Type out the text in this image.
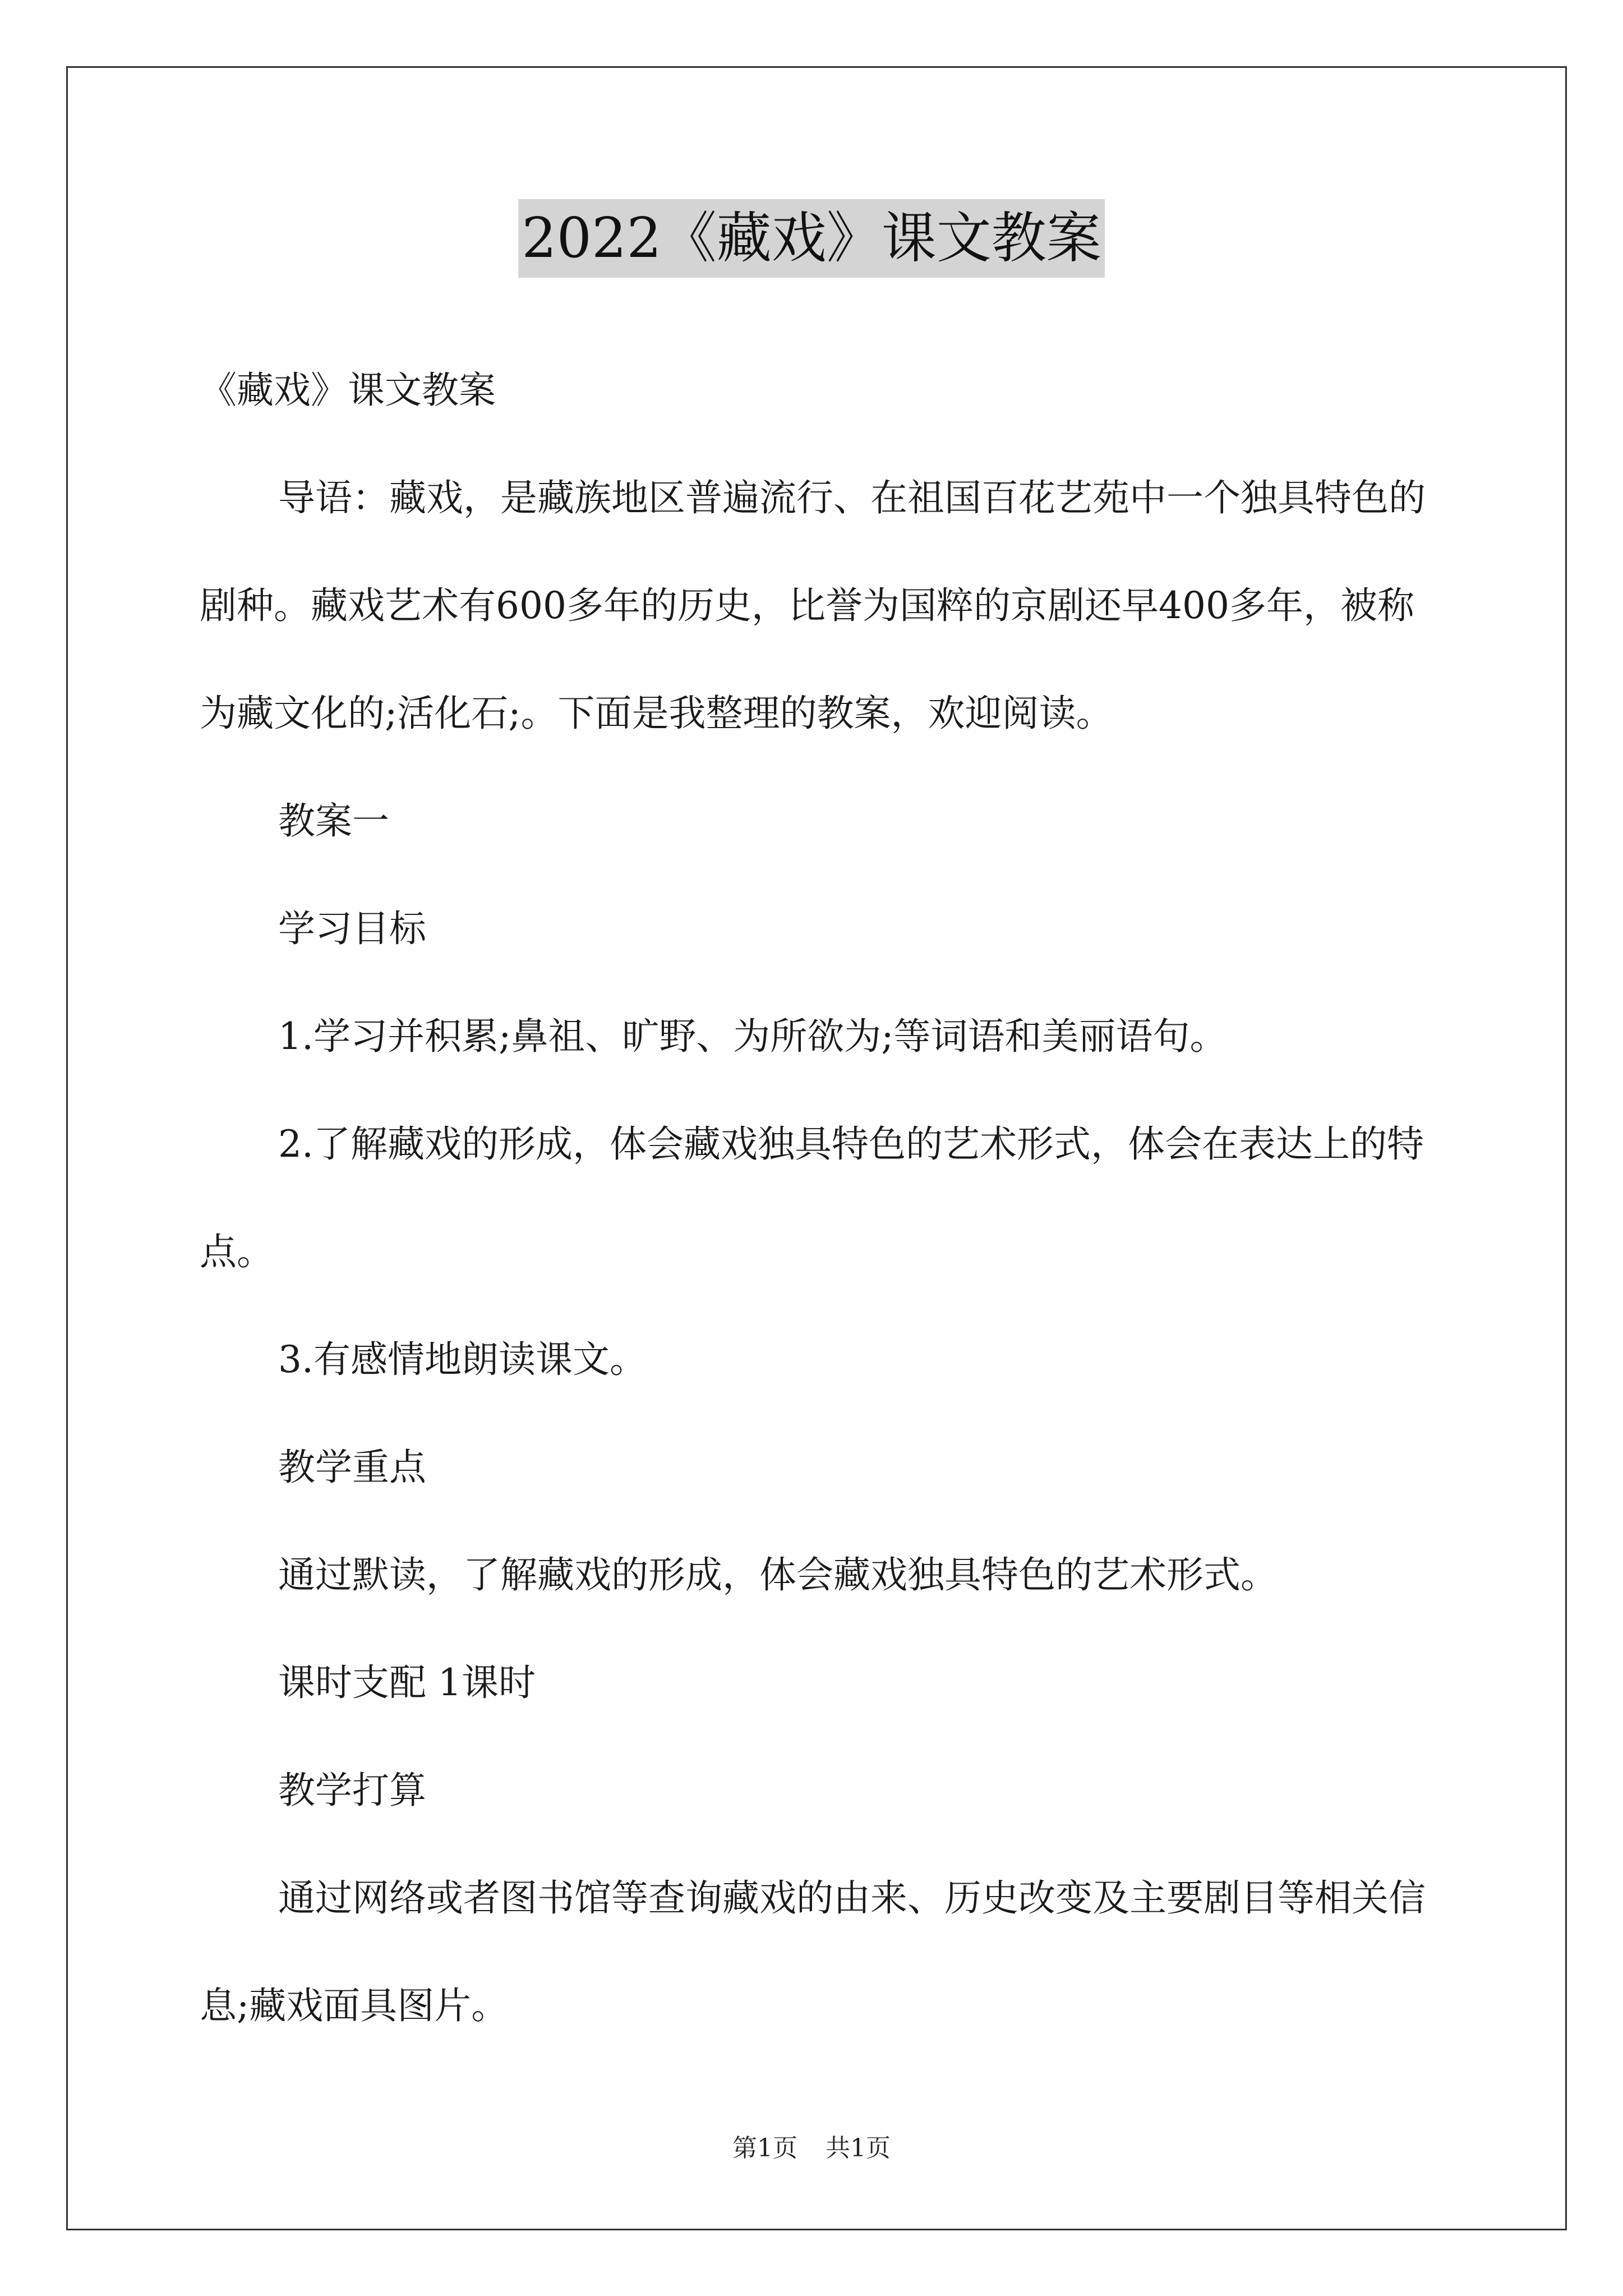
2022《藏戏》课文教案

《藏戏》课文教案

导语：藏戏，是藏族地区普遍流行、在祖国百花艺苑中一个独具特色的剧种。藏戏艺术有600多年的历史，比誉为国粹的京剧还早400多年，被称为藏文化的;活化石;。下面是我整理的教案，欢迎阅读。

教案一

学习目标

1.学习并积累;鼻祖、旷野、为所欲为;等词语和美丽语句。

2.了解藏戏的形成，体会藏戏独具特色的艺术形式，体会在表达上的特点。

3.有感情地朗读课文。

教学重点

通过默读，了解藏戏的形成，体会藏戏独具特色的艺术形式。

课时支配 1课时

教学打算

通过网络或者图书馆等查询藏戏的由来、历史改变及主要剧目等相关信息;藏戏面具图片。

第1页 共1页
